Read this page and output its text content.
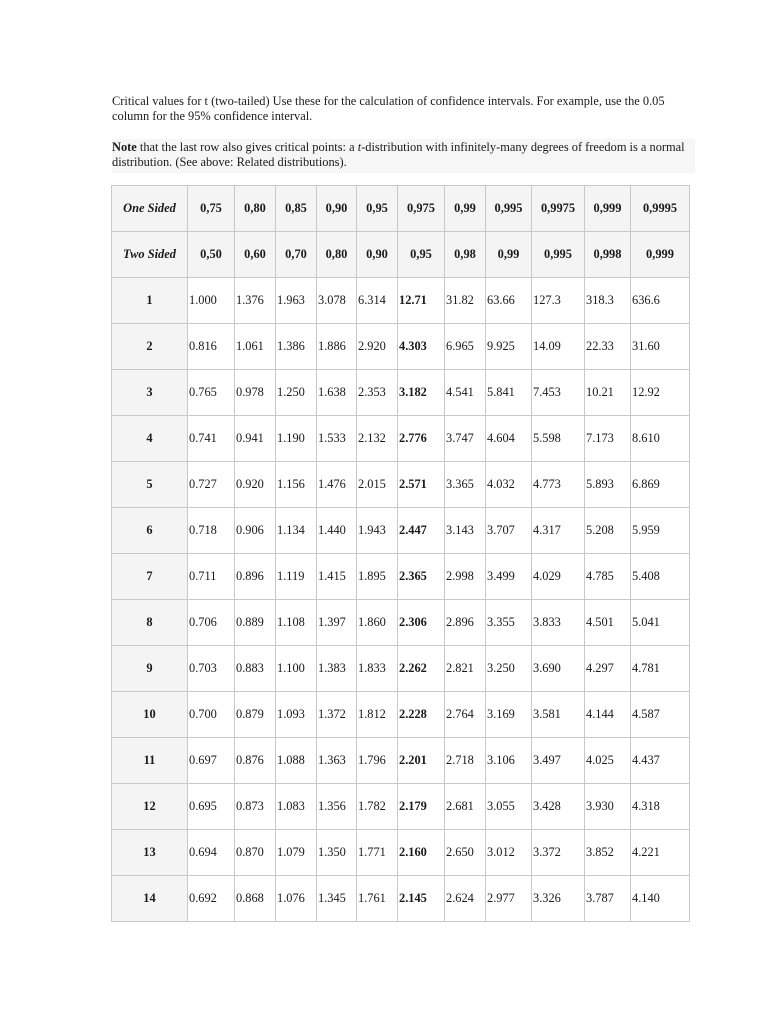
Critical values for t (two-tailed) Use these for the calculation of confidence intervals. For example, use the 0.05 column for the 95% confidence interval.

Note that the last row also gives critical points: a t-distribution with infinitely-many degrees of freedom is a normal distribution. (See above: Related distributions).

One Sided	0,75	0,80	0,85	0,90	0,95	0,975	0,99	0,995	0,9975	0,999	0,9995
Two Sided	0,50	0,60	0,70	0,80	0,90	0,95	0,98	0,99	0,995	0,998	0,999
1	1.000	1.376	1.963	3.078	6.314	12.71	31.82	63.66	127.3	318.3	636.6
2	0.816	1.061	1.386	1.886	2.920	4.303	6.965	9.925	14.09	22.33	31.60
3	0.765	0.978	1.250	1.638	2.353	3.182	4.541	5.841	7.453	10.21	12.92
4	0.741	0.941	1.190	1.533	2.132	2.776	3.747	4.604	5.598	7.173	8.610
5	0.727	0.920	1.156	1.476	2.015	2.571	3.365	4.032	4.773	5.893	6.869
6	0.718	0.906	1.134	1.440	1.943	2.447	3.143	3.707	4.317	5.208	5.959
7	0.711	0.896	1.119	1.415	1.895	2.365	2.998	3.499	4.029	4.785	5.408
8	0.706	0.889	1.108	1.397	1.860	2.306	2.896	3.355	3.833	4.501	5.041
9	0.703	0.883	1.100	1.383	1.833	2.262	2.821	3.250	3.690	4.297	4.781
10	0.700	0.879	1.093	1.372	1.812	2.228	2.764	3.169	3.581	4.144	4.587
11	0.697	0.876	1.088	1.363	1.796	2.201	2.718	3.106	3.497	4.025	4.437
12	0.695	0.873	1.083	1.356	1.782	2.179	2.681	3.055	3.428	3.930	4.318
13	0.694	0.870	1.079	1.350	1.771	2.160	2.650	3.012	3.372	3.852	4.221
14	0.692	0.868	1.076	1.345	1.761	2.145	2.624	2.977	3.326	3.787	4.140
